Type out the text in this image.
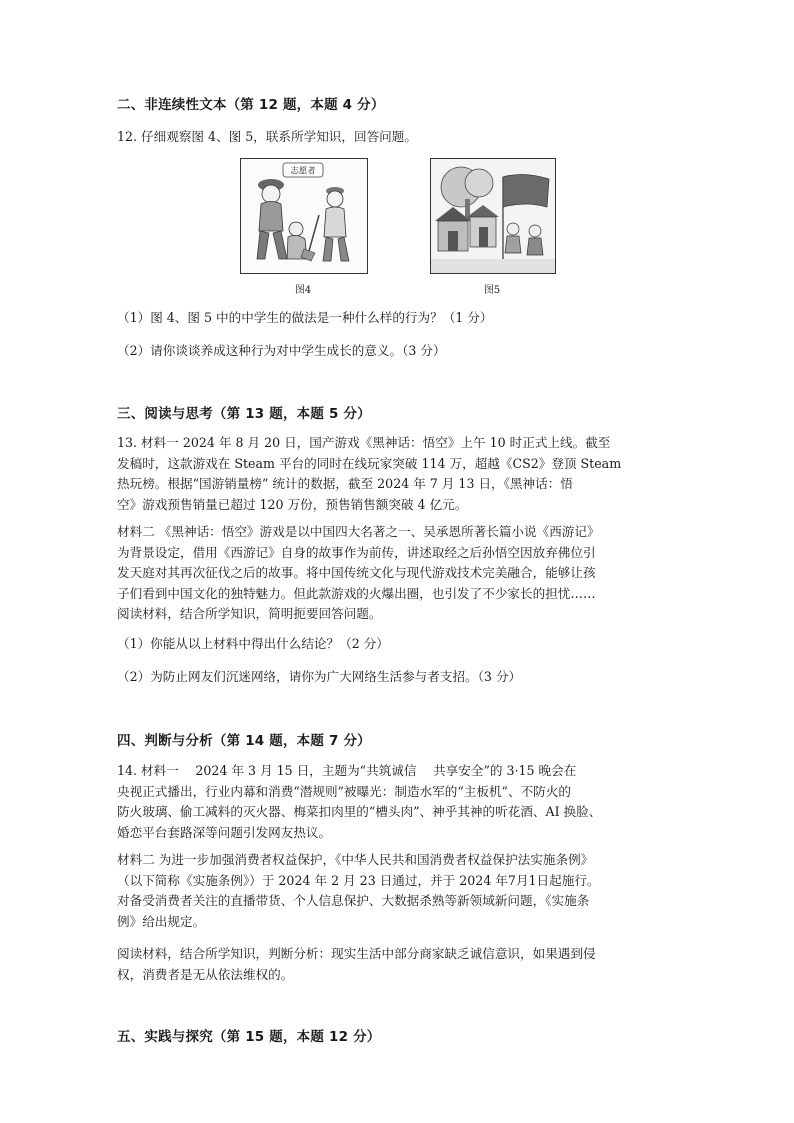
二、非连续性文本（第 12 题，本题 4 分）
12. 仔细观察图 4、图 5，联系所学知识，回答问题。
志愿者
图4	图5
（1）图 4、图 5 中的中学生的做法是一种什么样的行为？（1 分）
（2）请你谈谈养成这种行为对中学生成长的意义。（3 分）
三、阅读与思考（第 13 题，本题 5 分）
13. 材料一 2024 年 8 月 20 日，国产游戏《黑神话：悟空》上午 10 时正式上线。截至
发稿时，这款游戏在 Steam 平台的同时在线玩家突破 114 万，超越《CS2》登顶 Steam
热玩榜。根据“国游销量榜” 统计的数据，截至 2024 年 7 月 13 日，《黑神话：悟
空》游戏预售销量已超过 120 万份，预售销售额突破 4 亿元。
材料二 《黑神话：悟空》游戏是以中国四大名著之一、吴承恩所著长篇小说《西游记》
为背景设定，借用《西游记》自身的故事作为前传，讲述取经之后孙悟空因放弃佛位引
发天庭对其再次征伐之后的故事。将中国传统文化与现代游戏技术完美融合，能够让孩
子们看到中国文化的独特魅力。但此款游戏的火爆出圈，也引发了不少家长的担忧……
阅读材料，结合所学知识，简明扼要回答问题。
（1）你能从以上材料中得出什么结论？（2 分）
（2）为防止网友们沉迷网络，请你为广大网络生活参与者支招。（3 分）
四、判断与分析（第 14 题，本题 7 分）
14. 材料一　 2024 年 3 月 15 日，主题为“共筑诚信　 共享安全”的 3·15 晚会在
央视正式播出，行业内幕和消费“潜规则”被曝光：制造水军的“主板机”、不防火的
防火玻璃、偷工减料的灭火器、梅菜扣肉里的“槽头肉”、神乎其神的听花酒、AI 换脸、
婚恋平台套路深等问题引发网友热议。
材料二 为进一步加强消费者权益保护，《中华人民共和国消费者权益保护法实施条例》
（以下简称《实施条例》）于 2024 年 2 月 23 日通过，并于 2024 年7月1日起施行。
对备受消费者关注的直播带货、个人信息保护、大数据杀熟等新领域新问题，《实施条
例》给出规定。
阅读材料，结合所学知识，判断分析：现实生活中部分商家缺乏诚信意识，如果遇到侵
权，消费者是无从依法维权的。
五、实践与探究（第 15 题，本题 12 分）
